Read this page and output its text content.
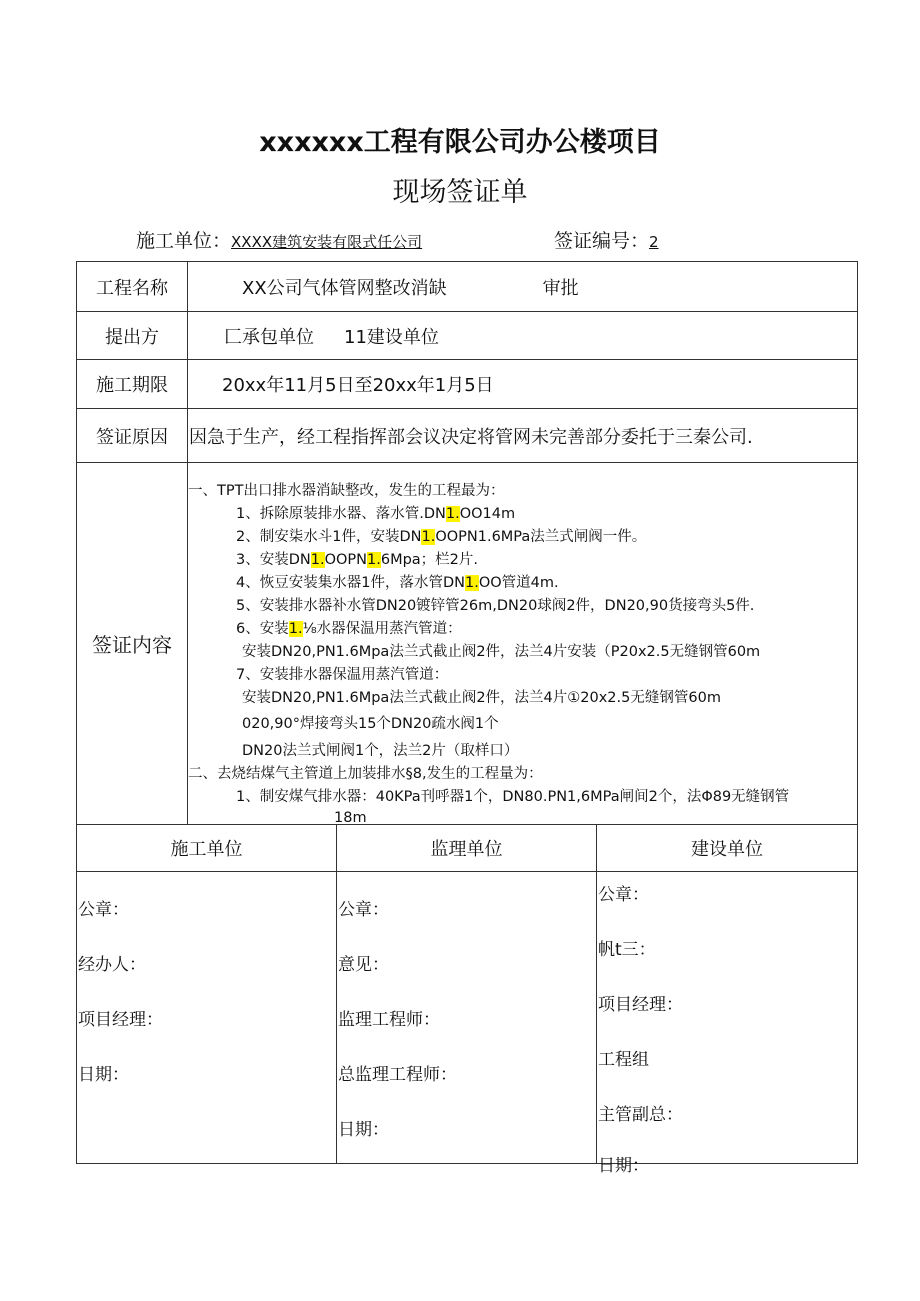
xxxxxx工程有限公司办公楼项目
现场签证单
施工单位：XXXX建筑安装有限式任公司	签证编号：2
工程名称	XX公司气体管网整改消缺	审批
提出方	匚承包单位 11建设单位
施工期限	20xx年11月5日至20xx年1月5日
签证原因	因急于生产，经工程指挥部会议决定将管网未完善部分委托于三秦公司.
签证内容
一、TPT出口排水器消缺整改，发生的工程最为：
1、拆除原装排水器、落水管.DN1.OO14m
2、制安柒水斗1件，安装DN1.OOPN1.6MPa法兰式闸阀一件。
3、安装DN1.OOPN1.6Mpa；栏2片.
4、恢豆安装集水器1件，落水管DN1.OO管道4m.
5、安装排水器补水管DN20镀锌管26m,DN20球阀2件，DN20,90货接弯头5件.
6、安装1.⅛水器保温用蒸汽管道：
安装DN20,PN1.6Mpa法兰式截止阀2件，法兰4片安装（P20x2.5无缝钢管60m
7、安装排水器保温用蒸汽管道：
安装DN20,PN1.6Mpa法兰式截止阀2件，法兰4片①20x2.5无缝钢管60m
020,90°焊接弯头15个DN20疏水阀1个
DN20法兰式闸阀1个，法兰2片（取样口）
二、去烧结煤气主管道上加装排水§8,发生的工程量为：
1、制安煤气排水器：40KPa刊呼器1个，DN80.PN1,6MPa闸间2个，法Φ89无缝钢管
18m
施工单位
公章：
经办人：
项目经理：
日期：
监理单位
公章：
意见：
监理工程师：
总监理工程师：
日期：
建设单位
公章：
帆t三：
项目经理：
工程组
主管副总：
日期：
